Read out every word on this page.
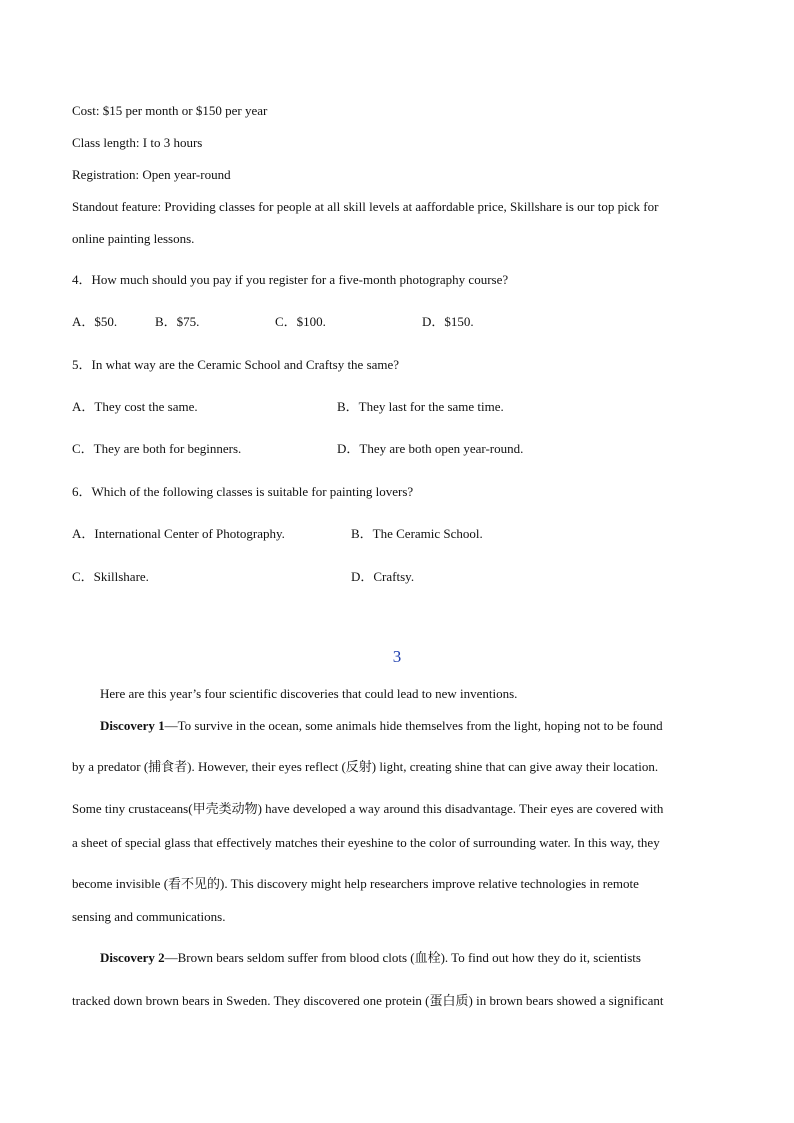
Cost: $15 per month or $150 per year
Class length: I to 3 hours
Registration: Open year-round
Standout feature: Providing classes for people at all skill levels at aaffordable price, Skillshare is our top pick for
online painting lessons.
4．How much should you pay if you register for a five-month photography course?
A．$50.	B．$75.	C．$100.	D．$150.
5．In what way are the Ceramic School and Craftsy the same?
A．They cost the same.	B．They last for the same time.
C．They are both for beginners.	D．They are both open year-round.
6．Which of the following classes is suitable for painting lovers?
A．International Center of Photography.	B．The Ceramic School.
C．Skillshare.	D．Craftsy.
3
Here are this year’s four scientific discoveries that could lead to new inventions.
Discovery 1—To survive in the ocean, some animals hide themselves from the light, hoping not to be found
by a predator (捕食者). However, their eyes reflect (反射) light, creating shine that can give away their location.
Some tiny crustaceans(甲壳类动物) have developed a way around this disadvantage. Their eyes are covered with
a sheet of special glass that effectively matches their eyeshine to the color of surrounding water. In this way, they
become invisible (看不见的). This discovery might help researchers improve relative technologies in remote
sensing and communications.
Discovery 2—Brown bears seldom suffer from blood clots (血栓). To find out how they do it, scientists
tracked down brown bears in Sweden. They discovered one protein (蛋白质) in brown bears showed a significant
